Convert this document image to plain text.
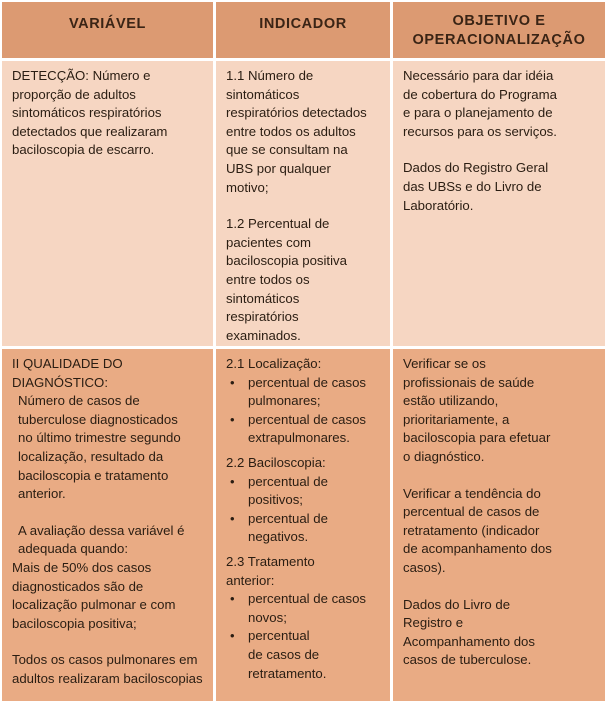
VARIÁVEL	INDICADOR	OBJETIVO E
OPERACIONALIZAÇÃO

DETECÇÃO: Número e

proporção de adultos

sintomáticos respiratórios

detectados que realizaram

baciloscopia de escarro.

1.1 Número de

sintomáticos

respiratórios detectados

entre todos os adultos

que se consultam na

UBS por qualquer

motivo;

1.2 Percentual de

pacientes com

baciloscopia positiva

entre todos os

sintomáticos

respiratórios

examinados.

Necessário para dar idéia

de cobertura do Programa

e para o planejamento de

recursos para os serviços.

Dados do Registro Geral

das UBSs e do Livro de

Laboratório.

II QUALIDADE DO

DIAGNÓSTICO:

Número de casos de

tuberculose diagnosticados

no último trimestre segundo

localização, resultado da

baciloscopia e tratamento

anterior.

A avaliação dessa variável é

adequada quando:

Mais de 50% dos casos

diagnosticados são de

localização pulmonar e com

baciloscopia positiva;

Todos os casos pulmonares em

adultos realizaram baciloscopias

2.1 Localização:

• percentual de casos
pulmonares;
• percentual de casos
extrapulmonares.

2.2 Baciloscopia:

• percentual de
positivos;
• percentual de
negativos.

2.3 Tratamento

anterior:

• percentual de casos
novos;
• percentual
de casos de
retratamento.

Verificar se os

profissionais de saúde

estão utilizando,

prioritariamente, a

baciloscopia para efetuar

o diagnóstico.

Verificar a tendência do

percentual de casos de

retratamento (indicador

de acompanhamento dos

casos).

Dados do Livro de

Registro e

Acompanhamento dos

casos de tuberculose.
